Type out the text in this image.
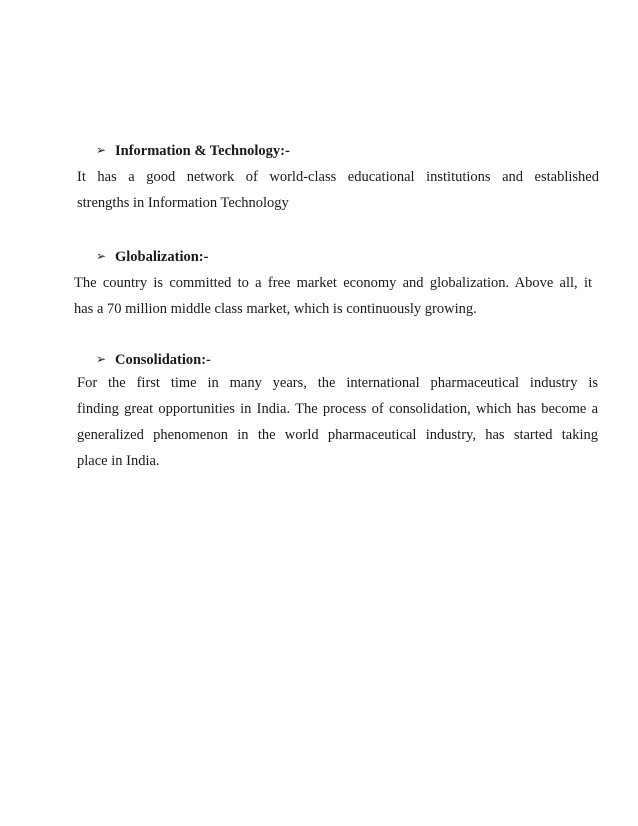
➢ Information & Technology:-
It has a good network of world-class educational institutions and established
strengths in Information Technology
➢ Globalization:-
The country is committed to a free market economy and globalization. Above all, it
has a 70 million middle class market, which is continuously growing.
➢ Consolidation:-
For the first time in many years, the international pharmaceutical industry is
finding great opportunities in India. The process of consolidation, which has become a
generalized phenomenon in the world pharmaceutical industry, has started taking
place in India.
